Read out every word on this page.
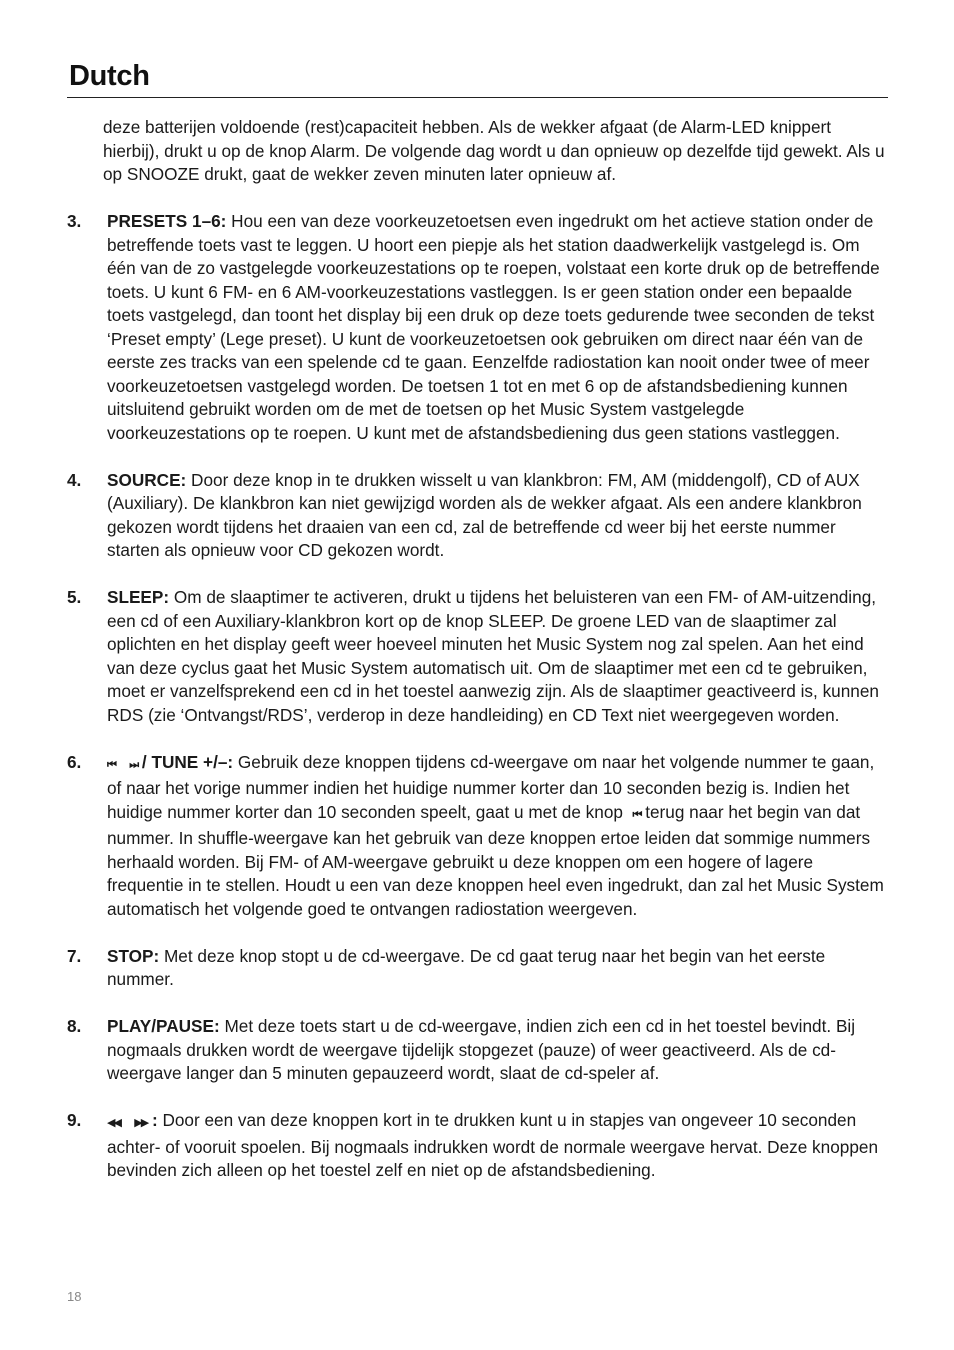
Dutch

deze batterijen voldoende (rest)capaciteit hebben. Als de wekker afgaat (de Alarm-LED knippert hierbij), drukt u op de knop Alarm. De volgende dag wordt u dan opnieuw op dezelfde tijd gewekt. Als u op SNOOZE drukt, gaat de wekker zeven minuten later opnieuw af.

3.	PRESETS 1–6: Hou een van deze voorkeuzetoetsen even ingedrukt om het actieve station onder de betreffende toets vast te leggen. U hoort een piepje als het station daadwerkelijk vastgelegd is. Om één van de zo vastgelegde voorkeuzestations op te roepen, volstaat een korte druk op de betreffende toets. U kunt 6 FM- en 6 AM-voorkeuzestations vastleggen. Is er geen station onder een bepaalde toets vastgelegd, dan toont het display bij een druk op deze toets gedurende twee seconden de tekst ‘Preset empty’ (Lege preset). U kunt de voorkeuzetoetsen ook gebruiken om direct naar één van de eerste zes tracks van een spelende cd te gaan. Eenzelfde radiostation kan nooit onder twee of meer voorkeuzetoetsen vastgelegd worden. De toetsen 1 tot en met 6 op de afstandsbediening kunnen uitsluitend gebruikt worden om de met de toetsen op het Music System vastgelegde voorkeuzestations op te roepen. U kunt met de afstandsbediening dus geen stations vastleggen.
4.	SOURCE: Door deze knop in te drukken wisselt u van klankbron: FM, AM (middengolf), CD of AUX (Auxiliary). De klankbron kan niet gewijzigd worden als de wekker afgaat. Als een andere klankbron gekozen wordt tijdens het draaien van een cd, zal de betreffende cd weer bij het eerste nummer starten als opnieuw voor CD gekozen wordt.
5.	SLEEP: Om de slaaptimer te activeren, drukt u tijdens het beluisteren van een FM- of AM-uitzending, een cd of een Auxiliary-klankbron kort op de knop SLEEP. De groene LED van de slaaptimer zal oplichten en het display geeft weer hoeveel minuten het Music System nog zal spelen. Aan het eind van deze cyclus gaat het Music System automatisch uit. Om de slaaptimer met een cd te gebruiken, moet er vanzelfsprekend een cd in het toestel aanwezig zijn. Als de slaaptimer geactiveerd is, kunnen RDS (zie ‘Ontvangst/RDS’, verderop in deze handleiding) en CD Text niet weergegeven worden.
6.	⏮ ⏭ / TUNE +/–: Gebruik deze knoppen tijdens cd-weergave om naar het volgende nummer te gaan, of naar het vorige nummer indien het huidige nummer korter dan 10 seconden bezig is. Indien het huidige nummer korter dan 10 seconden speelt, gaat u met de knop ⏮ terug naar het begin van dat nummer. In shuffle-weergave kan het gebruik van deze knoppen ertoe leiden dat sommige nummers herhaald worden. Bij FM- of AM-weergave gebruikt u deze knoppen om een hogere of lagere frequentie in te stellen. Houdt u een van deze knoppen heel even ingedrukt, dan zal het Music System automatisch het volgende goed te ontvangen radiostation weergeven.
7.	STOP: Met deze knop stopt u de cd-weergave. De cd gaat terug naar het begin van het eerste nummer.
8.	PLAY/PAUSE: Met deze toets start u de cd-weergave, indien zich een cd in het toestel bevindt. Bij nogmaals drukken wordt de weergave tijdelijk stopgezet (pauze) of weer geactiveerd. Als de cd-weergave langer dan 5 minuten gepauzeerd wordt, slaat de cd-speler af.
9.	◀◀ ▶▶ : Door een van deze knoppen kort in te drukken kunt u in stapjes van ongeveer 10 seconden achter- of vooruit spoelen. Bij nogmaals indrukken wordt de normale weergave hervat. Deze knoppen bevinden zich alleen op het toestel zelf en niet op de afstandsbediening.
18
